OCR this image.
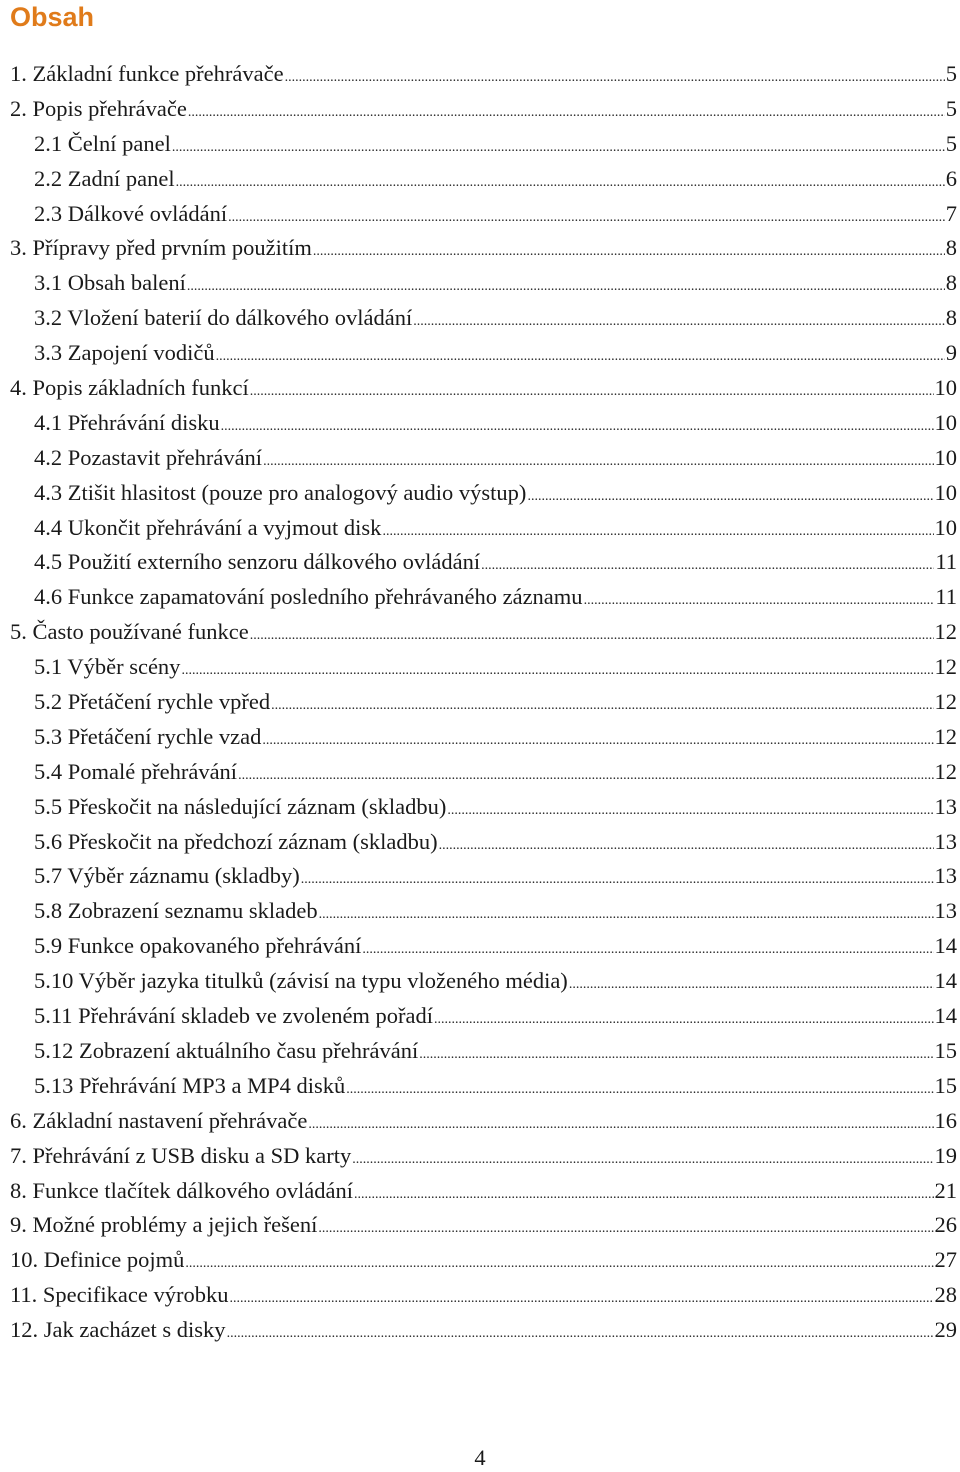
Obsah
1. Základní funkce přehrávače .....	5
2. Popis přehrávače .....	5
2.1 Čelní panel .....	5
2.2 Zadní panel .....	6
2.3 Dálkové ovládání .....	7
3. Přípravy před prvním použitím .....	8
3.1 Obsah balení .....	8
3.2 Vložení baterií do dálkového ovládání .....	8
3.3 Zapojení vodičů .....	9
4. Popis základních funkcí .....	10
4.1 Přehrávání disku .....	10
4.2 Pozastavit přehrávání .....	10
4.3 Ztišit hlasitost (pouze pro analogový audio výstup) .....	10
4.4 Ukončit přehrávání a vyjmout disk .....	10
4.5 Použití externího senzoru dálkového ovládání .....	11
4.6 Funkce zapamatování posledního přehrávaného záznamu .....	11
5. Často používané funkce .....	12
5.1 Výběr scény .....	12
5.2 Přetáčení rychle vpřed .....	12
5.3 Přetáčení rychle vzad .....	12
5.4 Pomalé přehrávání .....	12
5.5 Přeskočit na následující záznam (skladbu) .....	13
5.6 Přeskočit na předchozí záznam (skladbu) .....	13
5.7 Výběr záznamu (skladby) .....	13
5.8 Zobrazení seznamu skladeb .....	13
5.9 Funkce opakovaného přehrávání .....	14
5.10 Výběr jazyka titulků (závisí na typu vloženého média) .....	14
5.11 Přehrávání skladeb ve zvoleném pořadí .....	14
5.12 Zobrazení aktuálního času přehrávání .....	15
5.13 Přehrávání MP3 a MP4 disků .....	15
6. Základní nastavení přehrávače .....	16
7. Přehrávání z USB disku a SD karty .....	19
8. Funkce tlačítek dálkového ovládání .....	21
9. Možné problémy a jejich řešení .....	26
10. Definice pojmů .....	27
11. Specifikace výrobku .....	28
12. Jak zacházet s disky .....	29
4
